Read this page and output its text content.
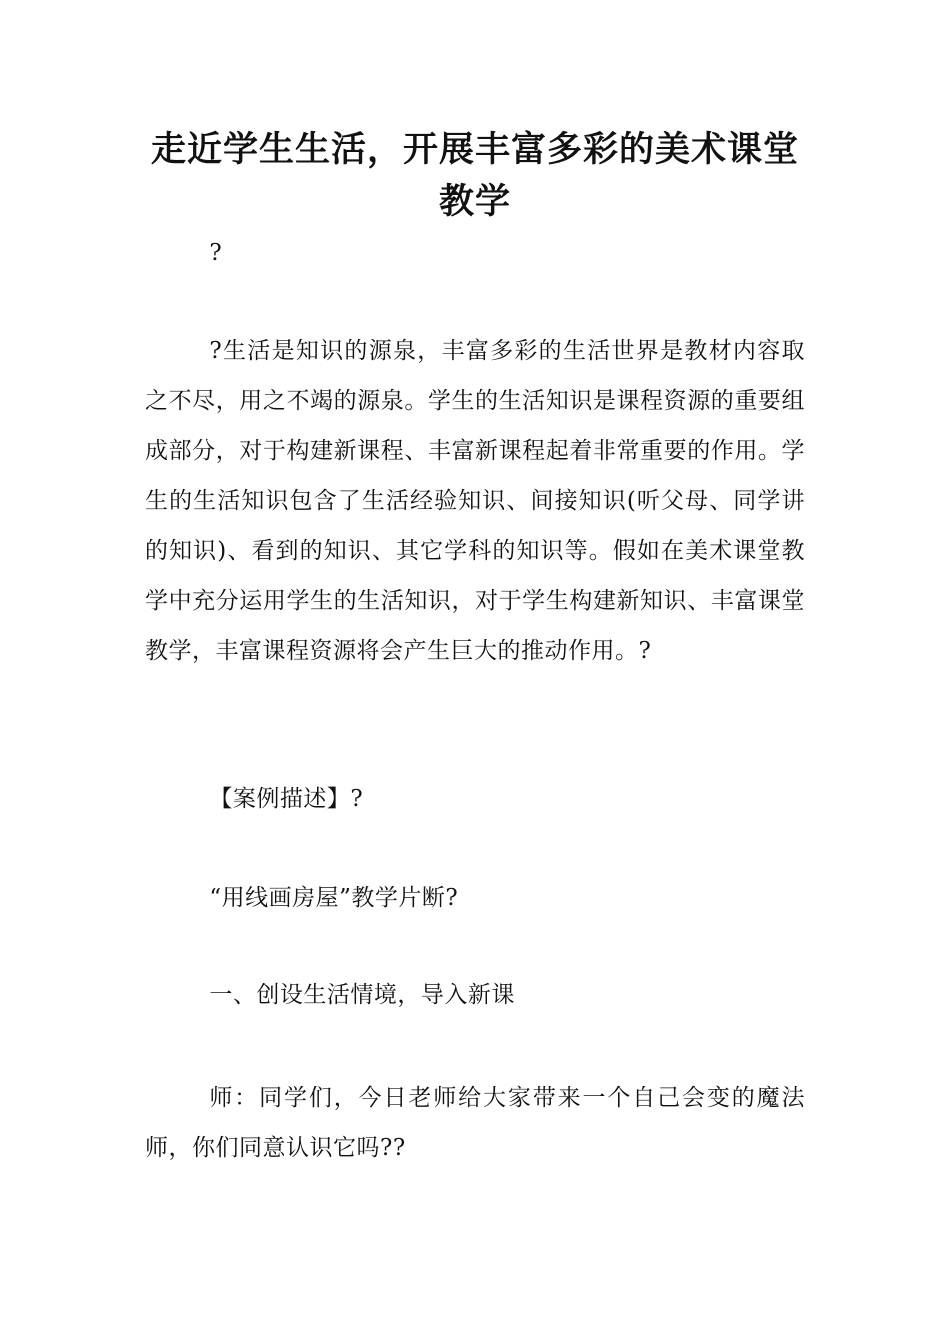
走近学生生活，开展丰富多彩的美术课堂教学

?

?生活是知识的源泉，丰富多彩的生活世界是教材内容取之不尽，用之不竭的源泉。学生的生活知识是课程资源的重要组成部分，对于构建新课程、丰富新课程起着非常重要的作用。学生的生活知识包含了生活经验知识、间接知识(听父母、同学讲的知识)、看到的知识、其它学科的知识等。假如在美术课堂教学中充分运用学生的生活知识，对于学生构建新知识、丰富课堂教学，丰富课程资源将会产生巨大的推动作用。?

【案例描述】?

“用线画房屋”教学片断?

一、创设生活情境，导入新课

师：同学们，今日老师给大家带来一个自己会变的魔法师，你们同意认识它吗??
